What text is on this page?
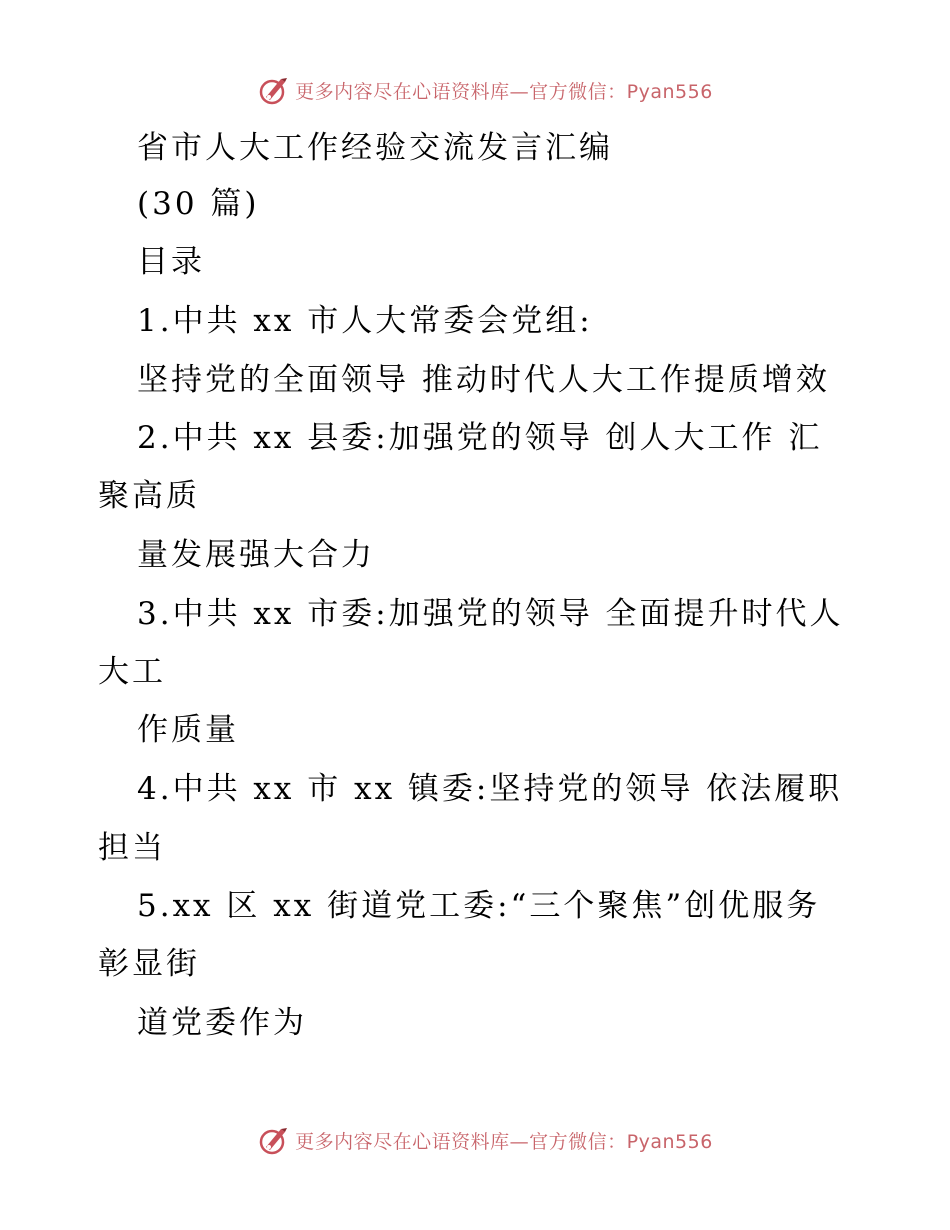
更多内容尽在心语资料库—官方微信：Pyan556
省市人大工作经验交流发言汇编
(30 篇)
目录
1.中共 xx 市人大常委会党组:
坚持党的全面领导 推动时代人大工作提质增效
2.中共 xx 县委:加强党的领导 创人大工作 汇
聚高质
量发展强大合力
3.中共 xx 市委:加强党的领导 全面提升时代人
大工
作质量
4.中共 xx 市 xx 镇委:坚持党的领导 依法履职
担当
5.xx 区 xx 街道党工委:“三个聚焦”创优服务
彰显街
道党委作为
更多内容尽在心语资料库—官方微信：Pyan556
